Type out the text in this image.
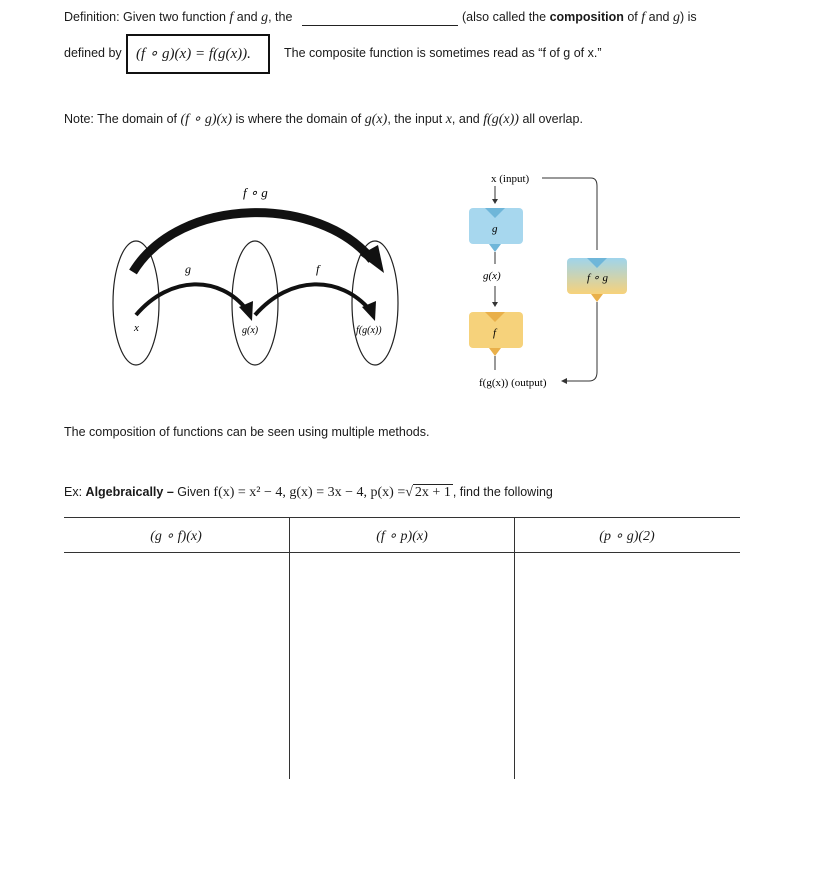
Definition: Given two function f and g, the	(also called the composition of f and g) is
defined by (f ∘ g)(x) = f(g(x)).	The composite function is sometimes read as “f of g of x.”
Note: The domain of (f ∘ g)(x) is where the domain of g(x), the input x, and f(g(x)) all overlap.
f ∘ g
g	f
x	g(x)	f(g(x))
x (input)
g
g(x)
f
f(g(x)) (output)
f ∘ g
The composition of functions can be seen using multiple methods.
Ex: Algebraically – Given f(x) = x² − 4, g(x) = 3x − 4, p(x) =√ 2x + 1 , find the following
(g ∘ f)(x)	(f ∘ p)(x)	(p ∘ g)(2)
